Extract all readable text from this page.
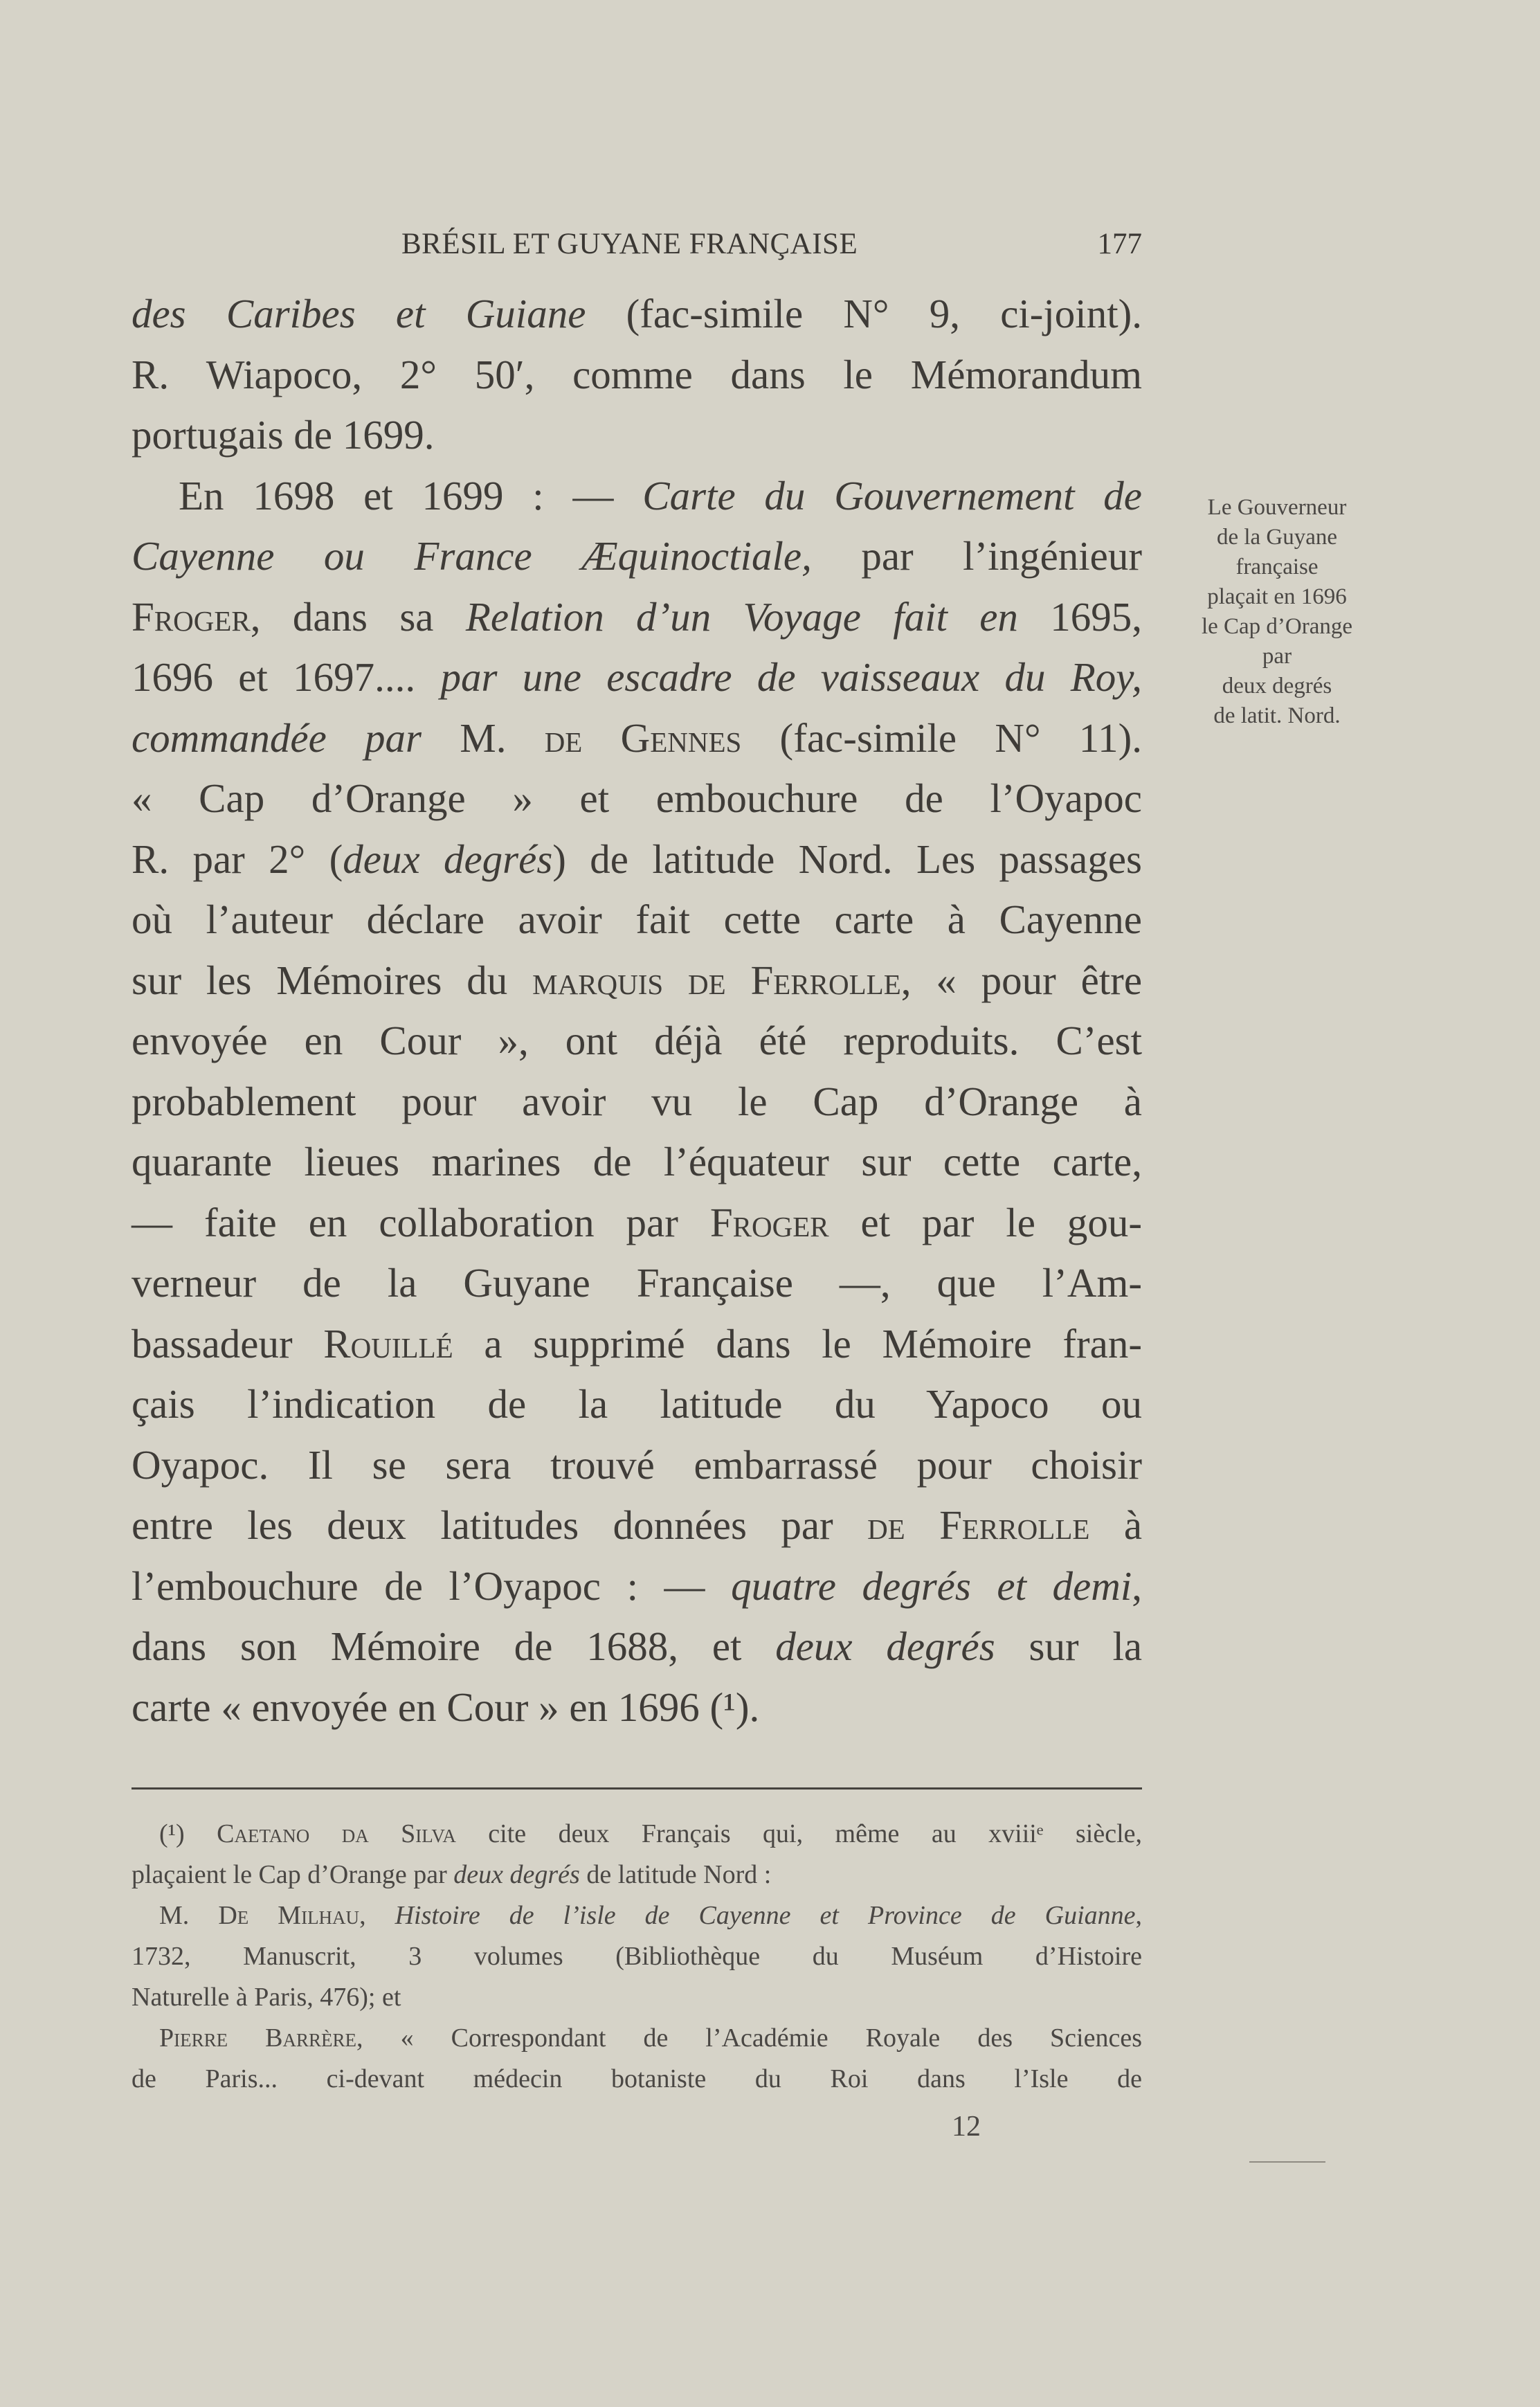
BRÉSIL ET GUYANE FRANÇAISE	177
des Caribes et Guiane (fac-simile N° 9, ci-joint).
R. Wiapoco, 2° 50′, comme dans le Mémorandum
portugais de 1699.
En 1698 et 1699 : — Carte du Gouvernement de
Cayenne ou France Æquinoctiale, par l’ingénieur
Froger, dans sa Relation d’un Voyage fait en 1695,
1696 et 1697.... par une escadre de vaisseaux du Roy,
commandée par M. de Gennes (fac-simile N° 11).
« Cap d’Orange » et embouchure de l’Oyapoc
R. par 2° (deux degrés) de latitude Nord. Les passages
où l’auteur déclare avoir fait cette carte à Cayenne
sur les Mémoires du marquis de Ferrolle, « pour être
envoyée en Cour », ont déjà été reproduits. C’est
probablement pour avoir vu le Cap d’Orange à
quarante lieues marines de l’équateur sur cette carte,
— faite en collaboration par Froger et par le gou-
verneur de la Guyane Française —, que l’Am-
bassadeur Rouillé a supprimé dans le Mémoire fran-
çais l’indication de la latitude du Yapoco ou
Oyapoc. Il se sera trouvé embarrassé pour choisir
entre les deux latitudes données par de Ferrolle à
l’embouchure de l’Oyapoc : — quatre degrés et demi,
dans son Mémoire de 1688, et deux degrés sur la
carte « envoyée en Cour » en 1696 (¹).
Le Gouverneur
de la Guyane
française
plaçait en 1696
le Cap d’Orange
par
deux degrés
de latit. Nord.
(¹) Caetano da Silva cite deux Français qui, même au xviiiᵉ siècle,
plaçaient le Cap d’Orange par deux degrés de latitude Nord :
M. De Milhau, Histoire de l’isle de Cayenne et Province de Guianne,
1732, Manuscrit, 3 volumes (Bibliothèque du Muséum d’Histoire
Naturelle à Paris, 476); et
Pierre Barrère, « Correspondant de l’Académie Royale des Sciences
de Paris... ci-devant médecin botaniste du Roi dans l’Isle de
12
